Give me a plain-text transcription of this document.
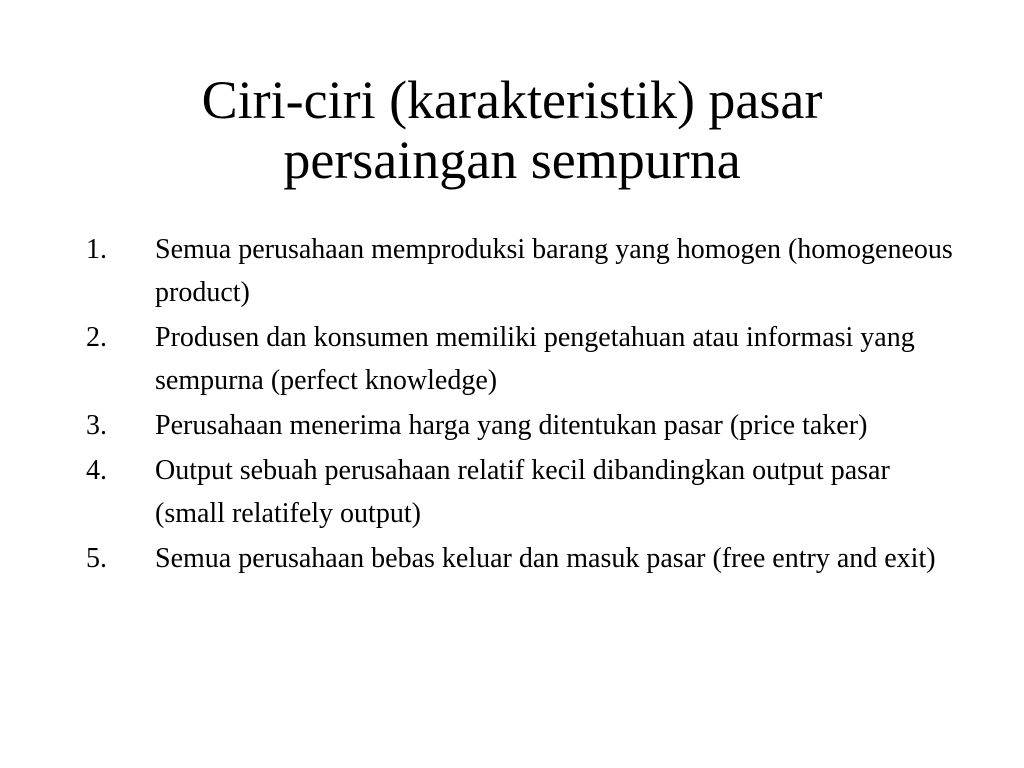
Ciri-ciri (karakteristik) pasar
persaingan sempurna
1. Semua perusahaan memproduksi barang yang homogen (homogeneous product)
2. Produsen dan konsumen memiliki pengetahuan atau informasi yang sempurna (perfect knowledge)
3. Perusahaan menerima harga yang ditentukan pasar (price taker)
4. Output sebuah perusahaan relatif kecil dibandingkan output pasar (small relatifely output)
5. Semua perusahaan bebas keluar dan masuk pasar (free entry and exit)
